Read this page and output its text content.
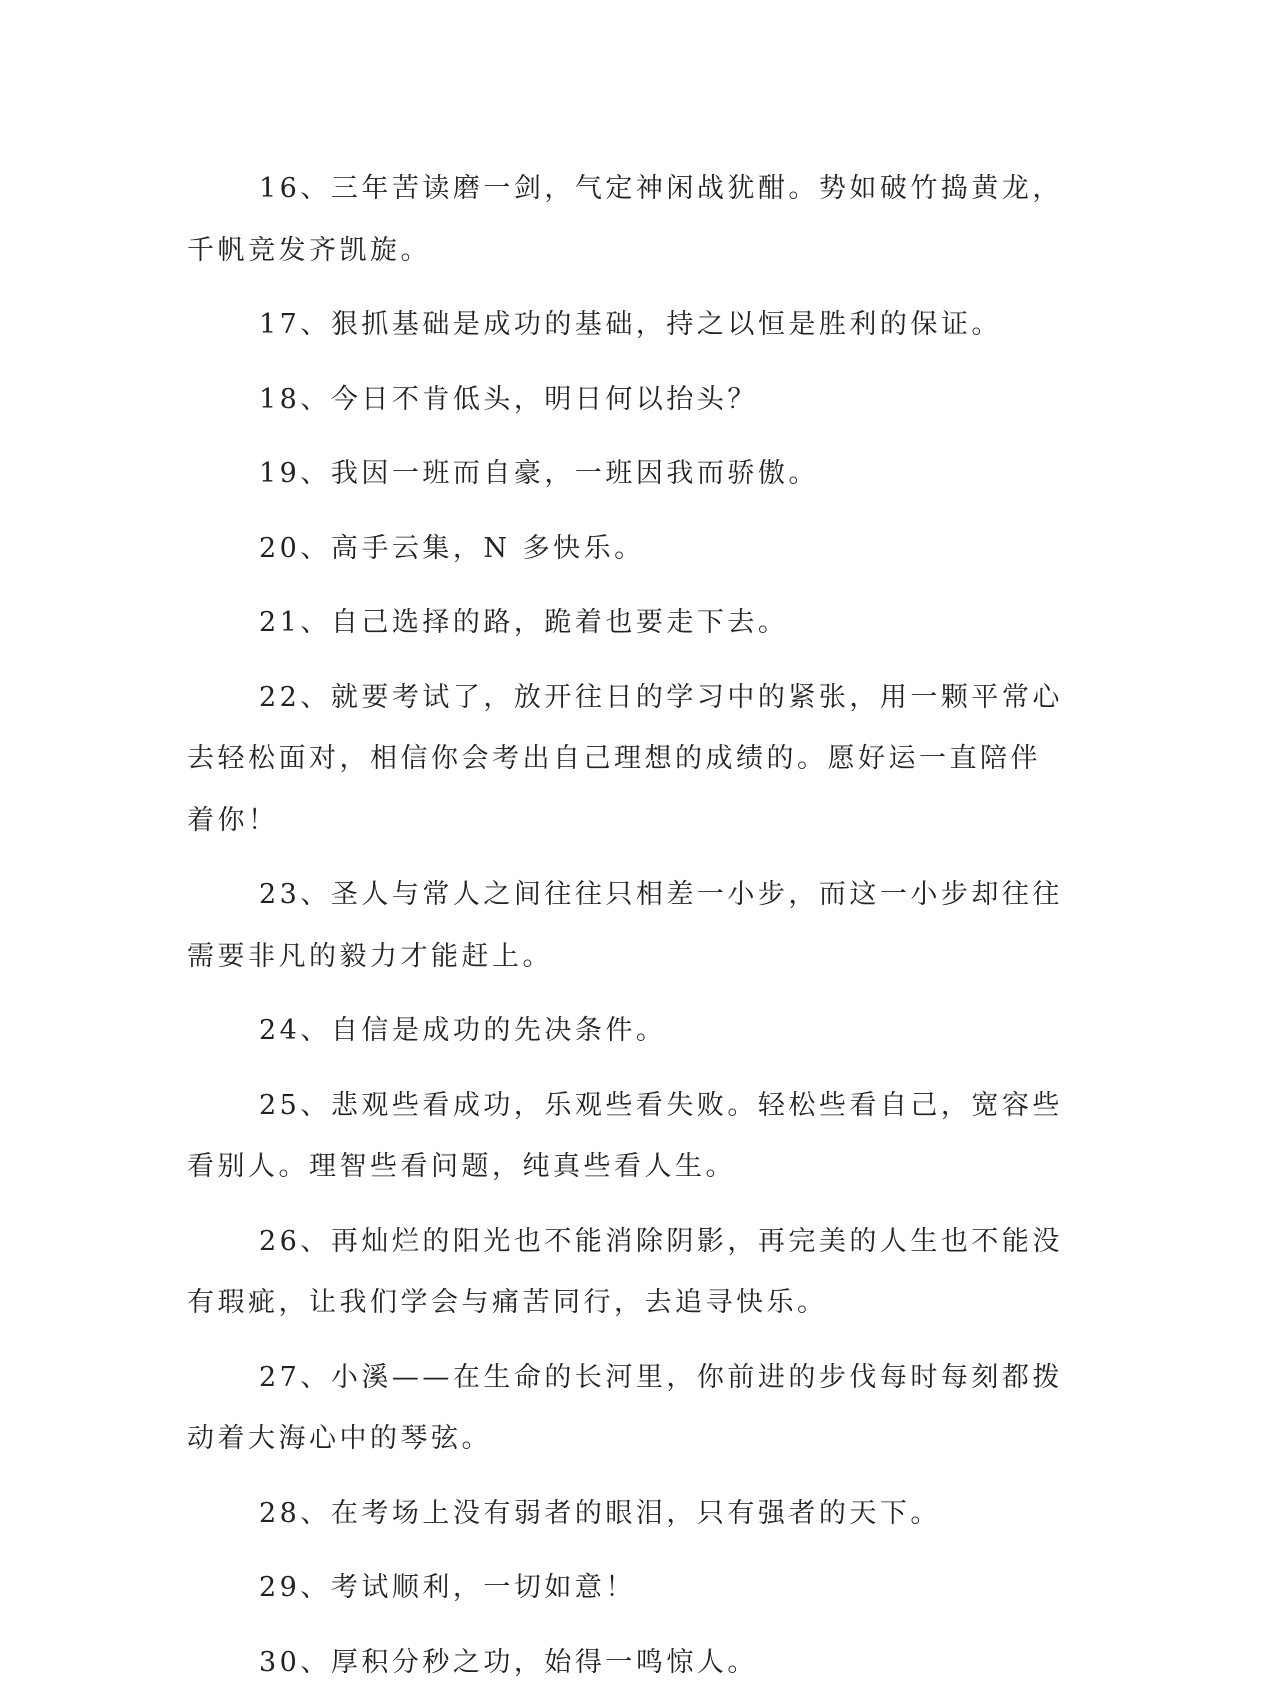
16、三年苦读磨一剑，气定神闲战犹酣。势如破竹捣黄龙，千帆竞发齐凯旋。

17、狠抓基础是成功的基础，持之以恒是胜利的保证。

18、今日不肯低头，明日何以抬头？

19、我因一班而自豪，一班因我而骄傲。

20、高手云集，N 多快乐。

21、自己选择的路，跪着也要走下去。

22、就要考试了，放开往日的学习中的紧张，用一颗平常心去轻松面对，相信你会考出自己理想的成绩的。愿好运一直陪伴着你！

23、圣人与常人之间往往只相差一小步，而这一小步却往往需要非凡的毅力才能赶上。

24、自信是成功的先决条件。

25、悲观些看成功，乐观些看失败。轻松些看自己，宽容些看别人。理智些看问题，纯真些看人生。

26、再灿烂的阳光也不能消除阴影，再完美的人生也不能没有瑕疵，让我们学会与痛苦同行，去追寻快乐。

27、小溪——在生命的长河里，你前进的步伐每时每刻都拨动着大海心中的琴弦。

28、在考场上没有弱者的眼泪，只有强者的天下。

29、考试顺利，一切如意！

30、厚积分秒之功，始得一鸣惊人。
